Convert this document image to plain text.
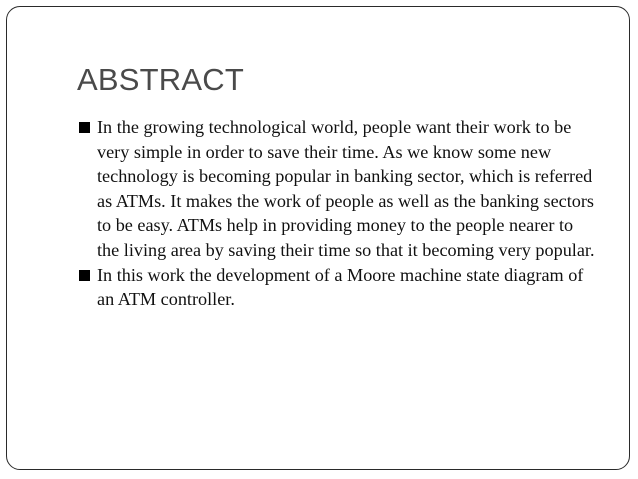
ABSTRACT
In the growing technological world, people want their work to be very simple in order to save their time. As we know some new technology is becoming popular in banking sector, which is referred as ATMs. It makes the work of people as well as the banking sectors to be easy. ATMs help in providing money to the people nearer to the living area by saving their time so that it becoming very popular.
In this work the development of a Moore machine state diagram of an ATM controller.
